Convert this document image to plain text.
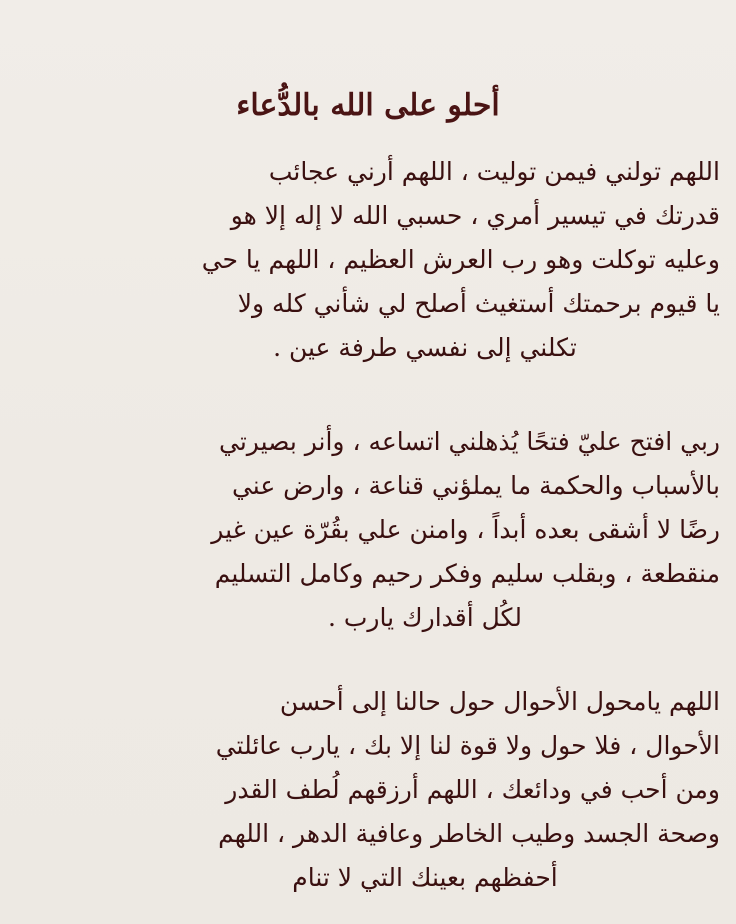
أحلو على الله بالدُّعاء
اللهم تولني فيمن توليت ، اللهم أرني عجائب
قدرتك في تيسير أمري ، حسبي الله لا إله إلا هو
وعليه توكلت وهو رب العرش العظيم ، اللهم يا حي
يا قيوم برحمتك أستغيث أصلح لي شأني كله ولا
تكلني إلى نفسي طرفة عين .
ربي افتح عليّ فتحًا يُذهلني اتساعه ، وأنر بصيرتي
بالأسباب والحكمة ما يملؤني قناعة ، وارض عني
رضًا لا أشقى بعده أبداً ، وامنن علي بقُرّة عين غير
منقطعة ، وبقلب سليم وفكر رحيم وكامل التسليم
لكُل أقدارك يارب .
اللهم يامحول الأحوال حول حالنا إلى أحسن
الأحوال ، فلا حول ولا قوة لنا إلا بك ، يارب عائلتي
ومن أحب في ودائعك ، اللهم أرزقهم لُطف القدر
وصحة الجسد وطيب الخاطر وعافية الدهر ، اللهم
أحفظهم بعينك التي لا تنام
